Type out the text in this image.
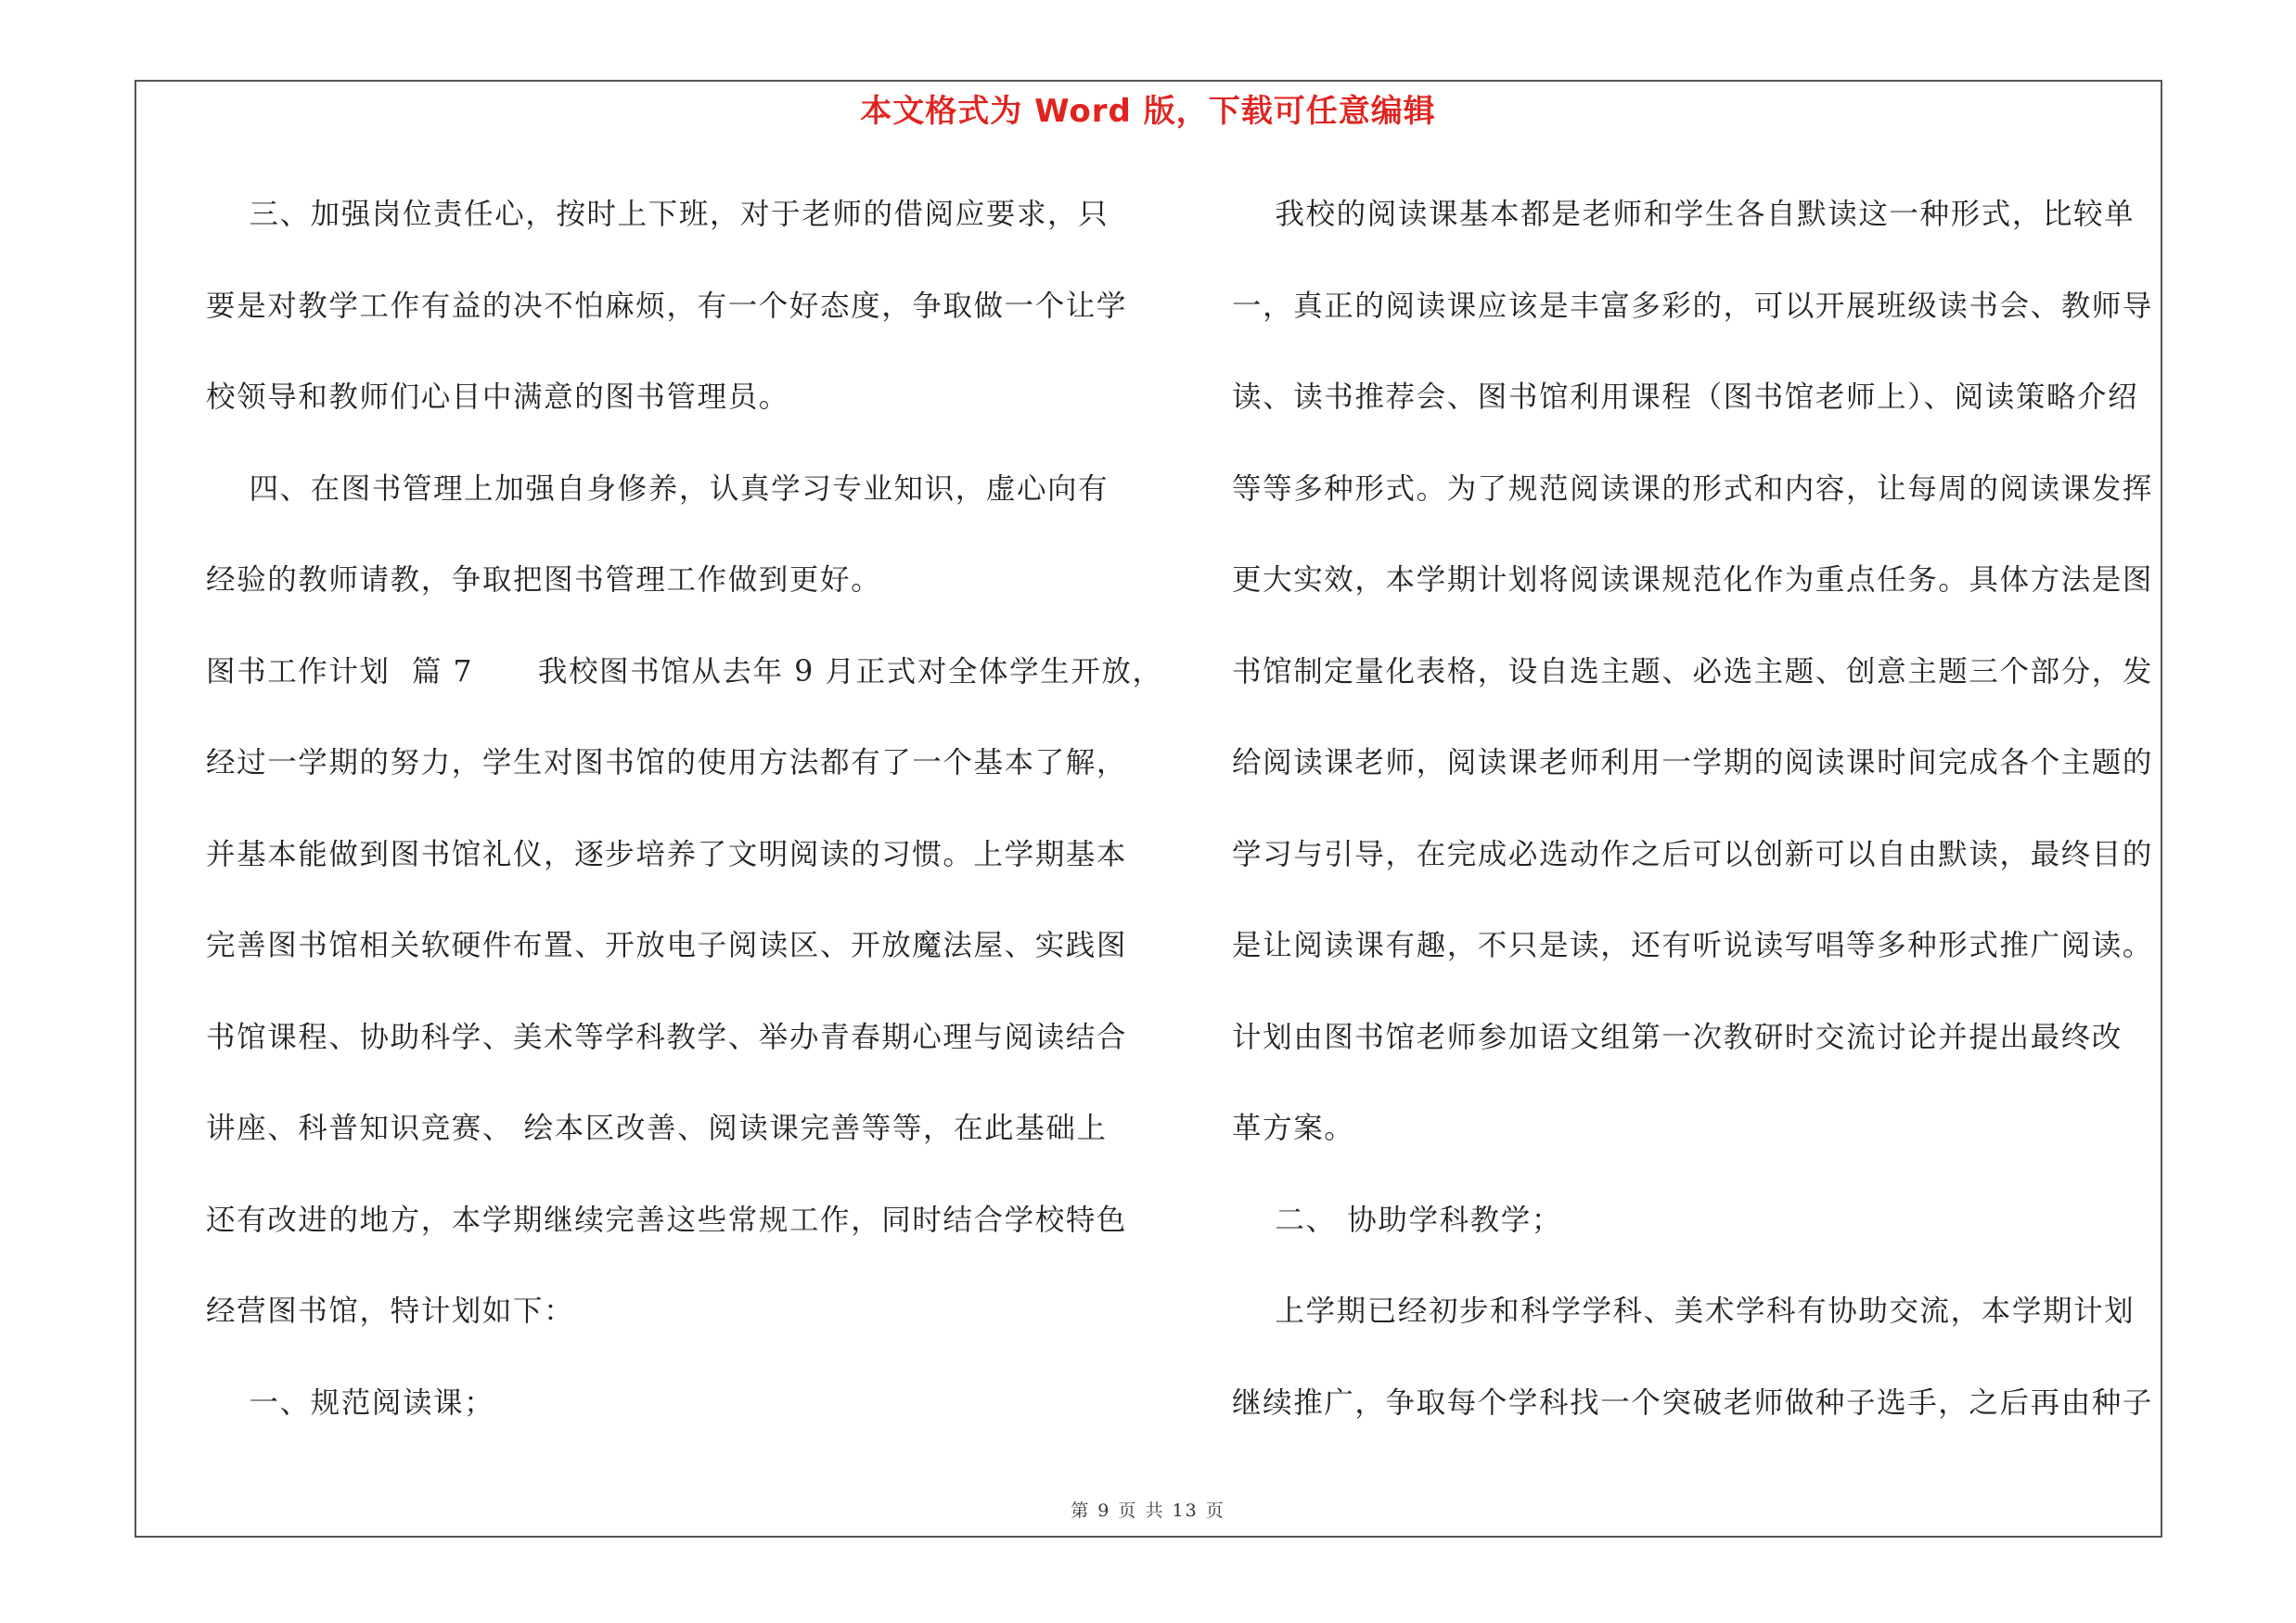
本文格式为 Word 版，下载可任意编辑
三、加强岗位责任心，按时上下班，对于老师的借阅应要求，只
要是对教学工作有益的决不怕麻烦，有一个好态度，争取做一个让学
校领导和教师们心目中满意的图书管理员。
四、在图书管理上加强自身修养，认真学习专业知识，虚心向有
经验的教师请教，争取把图书管理工作做到更好。
图书工作计划  篇 7      我校图书馆从去年 9 月正式对全体学生开放，
经过一学期的努力，学生对图书馆的使用方法都有了一个基本了解，
并基本能做到图书馆礼仪，逐步培养了文明阅读的习惯。上学期基本
完善图书馆相关软硬件布置、开放电子阅读区、开放魔法屋、实践图
书馆课程、协助科学、美术等学科教学、举办青春期心理与阅读结合
讲座、科普知识竞赛、 绘本区改善、阅读课完善等等，在此基础上
还有改进的地方，本学期继续完善这些常规工作，同时结合学校特色
经营图书馆，特计划如下：
一、规范阅读课；
我校的阅读课基本都是老师和学生各自默读这一种形式，比较单
一，真正的阅读课应该是丰富多彩的，可以开展班级读书会、教师导
读、读书推荐会、图书馆利用课程（图书馆老师上）、阅读策略介绍
等等多种形式。为了规范阅读课的形式和内容，让每周的阅读课发挥
更大实效，本学期计划将阅读课规范化作为重点任务。具体方法是图
书馆制定量化表格，设自选主题、必选主题、创意主题三个部分，发
给阅读课老师，阅读课老师利用一学期的阅读课时间完成各个主题的
学习与引导，在完成必选动作之后可以创新可以自由默读，最终目的
是让阅读课有趣，不只是读，还有听说读写唱等多种形式推广阅读。
计划由图书馆老师参加语文组第一次教研时交流讨论并提出最终改
革方案。
二、 协助学科教学；
上学期已经初步和科学学科、美术学科有协助交流，本学期计划
继续推广，争取每个学科找一个突破老师做种子选手，之后再由种子
第 9 页 共 13 页
